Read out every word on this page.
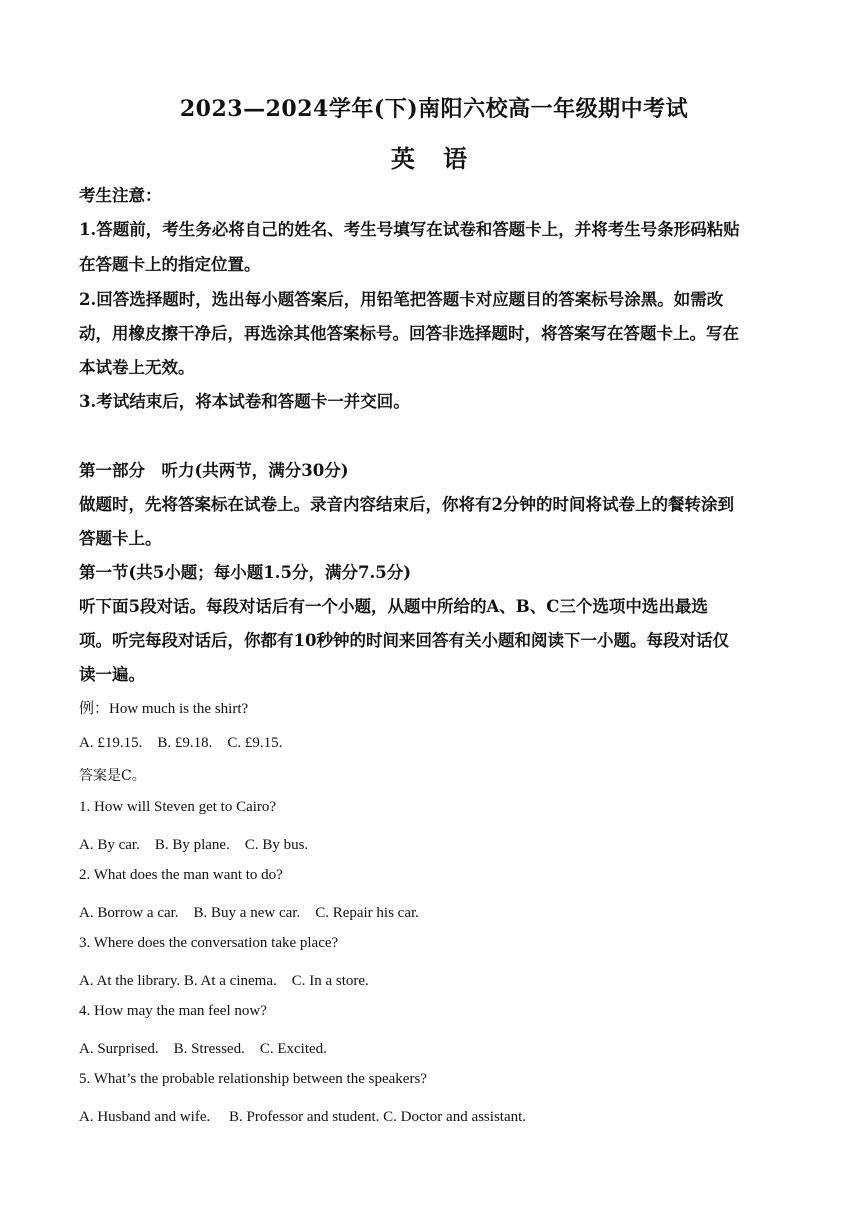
2023—2024学年(下)南阳六校高一年级期中考试
英 语
考生注意：
1.答题前，考生务必将自己的姓名、考生号填写在试卷和答题卡上，并将考生号条形码粘贴
在答题卡上的指定位置。
2.回答选择题时，选出每小题答案后，用铅笔把答题卡对应题目的答案标号涂黑。如需改
动，用橡皮擦干净后，再选涂其他答案标号。回答非选择题时，将答案写在答题卡上。写在
本试卷上无效。
3.考试结束后，将本试卷和答题卡一并交回。
第一部分　听力(共两节，满分30分)
做题时，先将答案标在试卷上。录音内容结束后，你将有2分钟的时间将试卷上的餐转涂到
答题卡上。
第一节(共5小题；每小题1.5分，满分7.5分)
听下面5段对话。每段对话后有一个小题，从题中所给的A、B、C三个选项中选出最选
项。听完每段对话后，你都有10秒钟的时间来回答有关小题和阅读下一小题。每段对话仅
读一遍。
例：How much is the shirt?
A. £19.15.　B. £9.18.　C. £9.15.
答案是C。
1. How will Steven get to Cairo?
A. By car.　B. By plane.　C. By bus.
2. What does the man want to do?
A. Borrow a car.　B. Buy a new car.　C. Repair his car.
3. Where does the conversation take place?
A. At the library. B. At a cinema.　C. In a store.
4. How may the man feel now?
A. Surprised.　B. Stressed.　C. Excited.
5. What’s the probable relationship between the speakers?
A. Husband and wife.　 B. Professor and student. C. Doctor and assistant.
